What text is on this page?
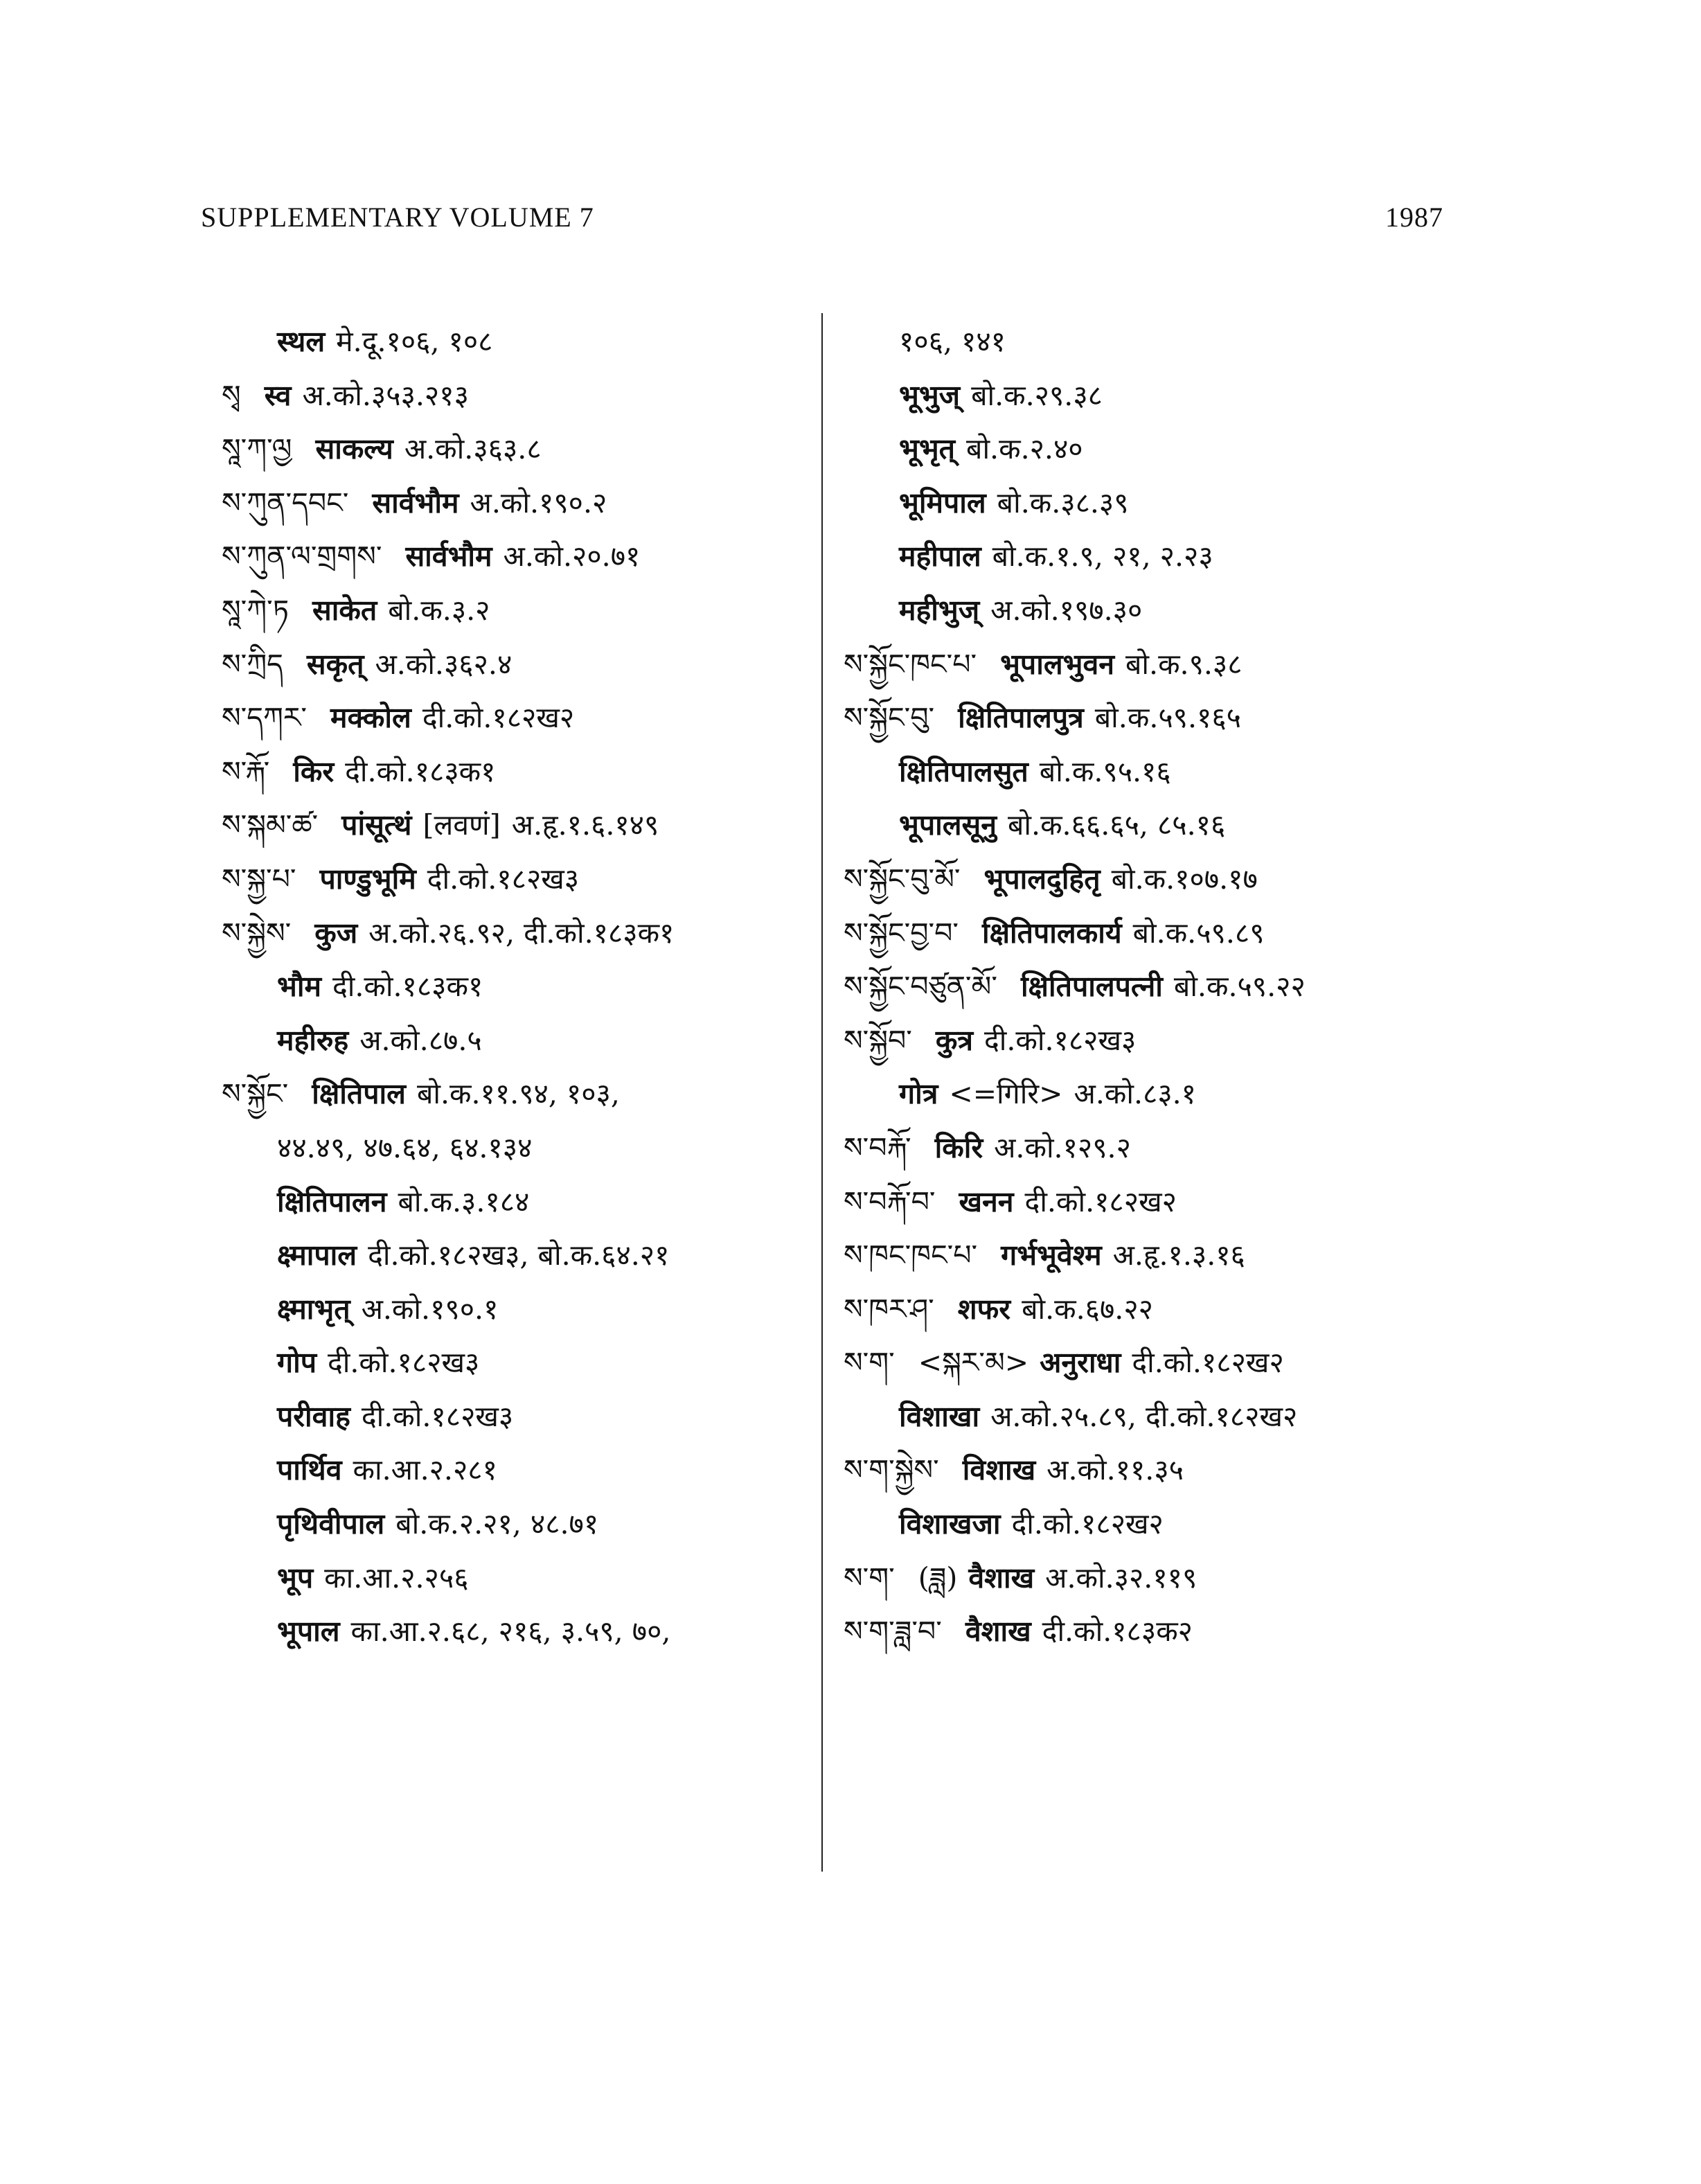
SUPPLEMENTARY VOLUME 7	1987
स्थल मे.दू.१०६, १०८
སྭ स्व अ.को.३५३.२१३
སཱ་ཀ་ལྱ साकल्य अ.को.३६३.८
ས་ཀུན་དབང་ सार्वभौम अ.को.१९०.२
ས་ཀུན་ལ་གྲགས་ सार्वभौम अ.को.२०.७१
སཱ་ཀེ་ཏ साकेत बो.क.३.२
ས་ཀྲིད सकृत् अ.को.३६२.४
ས་དཀར་ मक्कोल दी.को.१८२ख२
ས་རྐོ་ किर दी.को.१८३क१
ས་སྐམ་ཚ་ पांसूत्थं [लवणं] अ.हृ.१.६.१४९
ས་སྐྱ་པ་ पाण्डुभूमि दी.को.१८२ख३
ས་སྐྱེས་ कुज अ.को.२६.९२, दी.को.१८३क१
भौम दी.को.१८३क१
महीरुह अ.को.८७.५
ས་སྐྱོང་ क्षितिपाल बो.क.११.९४, १०३,
४४.४९, ४७.६४, ६४.१३४
क्षितिपालन बो.क.३.१८४
क्ष्मापाल दी.को.१८२ख३, बो.क.६४.२१
क्ष्माभृत् अ.को.१९०.१
गोप दी.को.१८२ख३
परीवाह दी.को.१८२ख३
पार्थिव का.आ.२.२८१
पृथिवीपाल बो.क.२.२१, ४८.७१
भूप का.आ.२.२५६
भूपाल का.आ.२.६८, २१६, ३.५९, ७०,
१०६, १४१
भूभुज् बो.क.२९.३८
भूभृत् बो.क.२.४०
भूमिपाल बो.क.३८.३९
महीपाल बो.क.१.९, २१, २.२३
महीभुज् अ.को.१९७.३०
ས་སྐྱོང་ཁང་པ་ भूपालभुवन बो.क.९.३८
ས་སྐྱོང་བུ་ क्षितिपालपुत्र बो.क.५९.१६५
क्षितिपालसुत बो.क.९५.१६
भूपालसूनु बो.क.६६.६५, ८५.१६
ས་སྐྱོང་བུ་མོ་ भूपालदुहितृ बो.क.१०७.१७
ས་སྐྱོང་བྱ་བ་ क्षितिपालकार्य बो.क.५९.८९
ས་སྐྱོང་བཙུན་མོ་ क्षितिपालपत्नी बो.क.५९.२२
ས་སྐྱོབ་ कुत्र दी.को.१८२ख३
गोत्र <=गिरि> अ.को.८३.१
ས་བརྐོ་ किरि अ.को.१२९.२
ས་བརྐོ་བ་ खनन दी.को.१८२ख२
ས་ཁང་ཁང་པ་ गर्भभूवेश्म अ.हृ.१.३.१६
ས་ཁར་ཤ་ शफर बो.क.६७.२२
ས་ག་ <སྐར་མ> अनुराधा दी.को.१८२ख२
विशाखा अ.को.२५.८९, दी.को.१८२ख२
ས་ག་སྐྱེས་ विशाख अ.को.११.३५
विशाखजा दी.को.१८२ख२
ས་ག་ (ཟླ) वैशाख अ.को.३२.११९
ས་ག་ཟླ་བ་ वैशाख दी.को.१८३क२
